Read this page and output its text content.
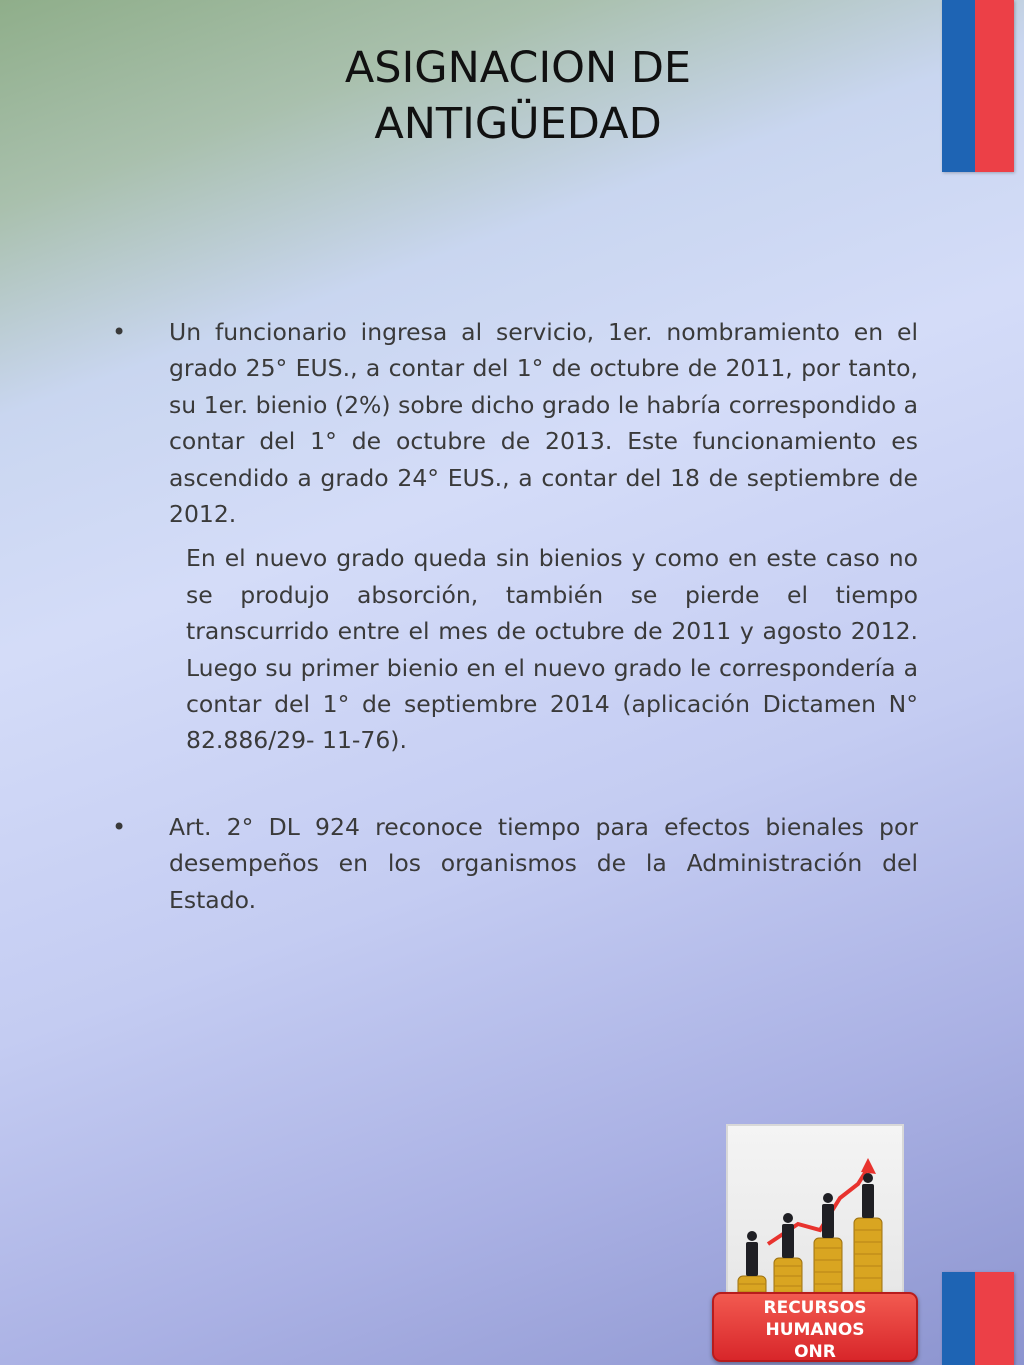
ASIGNACION DE
ANTIGÜEDAD
• Un funcionario ingresa al servicio, 1er. nombramiento en el grado 25° EUS., a contar del 1° de octubre de 2011, por tanto, su 1er. bienio (2%) sobre dicho grado le habría correspondido a contar del 1° de octubre de 2013. Este funcionamiento es ascendido a grado 24° EUS., a contar del 18 de septiembre de 2012.
En el nuevo grado queda sin bienios y como en este caso no se produjo absorción, también se pierde el tiempo transcurrido entre el mes de octubre de 2011 y agosto 2012. Luego su primer bienio en el nuevo grado le correspondería a contar del 1° de septiembre 2014 (aplicación Dictamen N° 82.886/29- 11-76).
• Art. 2° DL 924 reconoce tiempo para efectos bienales por desempeños en los organismos de la Administración del Estado.
RECURSOS
HUMANOS
ONR
